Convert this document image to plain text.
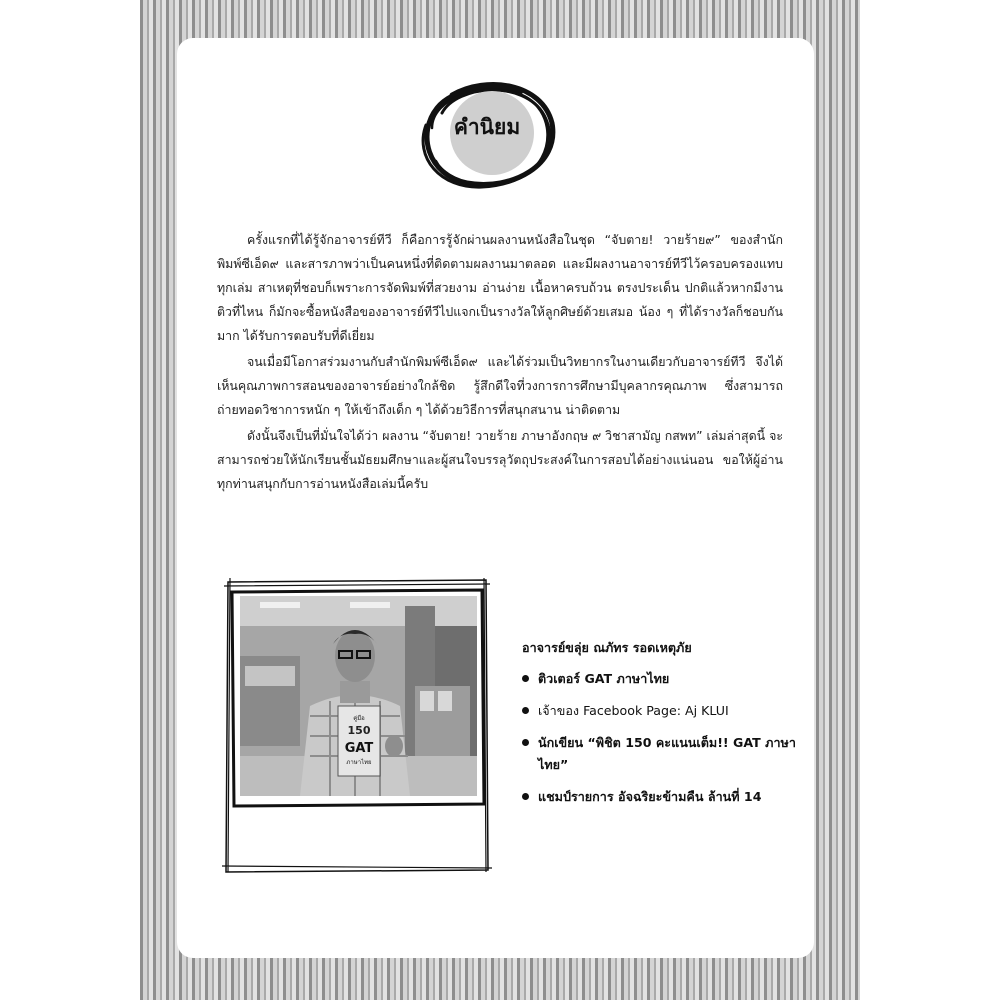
คำนิยม

ครั้งแรกที่ได้รู้จักอาจารย์ทีวี ก็คือการรู้จักผ่านผลงานหนังสือในชุด “จับตาย! วายร้าย๙” ของสำนักพิมพ์ซีเอ็ด๙ และสารภาพว่าเป็นคนหนึ่งที่ติดตามผลงานมาตลอด และมีผลงานอาจารย์ทีวีไว้ครอบครองแทบทุกเล่ม สาเหตุที่ชอบก็เพราะการจัดพิมพ์ที่สวยงาม อ่านง่าย เนื้อหาครบถ้วน ตรงประเด็น ปกติแล้วหากมีงานติวที่ไหน ก็มักจะซื้อหนังสือของอาจารย์ทีวีไปแจกเป็นรางวัลให้ลูกศิษย์ด้วยเสมอ น้อง ๆ ที่ได้รางวัลก็ชอบกันมาก ได้รับการตอบรับที่ดีเยี่ยม

จนเมื่อมีโอกาสร่วมงานกับสำนักพิมพ์ซีเอ็ด๙ และได้ร่วมเป็นวิทยากรในงานเดียวกับอาจารย์ทีวี จึงได้เห็นคุณภาพการสอนของอาจารย์อย่างใกล้ชิด รู้สึกดีใจที่วงการการศึกษามีบุคลากรคุณภาพ ซึ่งสามารถถ่ายทอดวิชาการหนัก ๆ ให้เข้าถึงเด็ก ๆ ได้ด้วยวิธีการที่สนุกสนาน น่าติดตาม

ดังนั้นจึงเป็นที่มั่นใจได้ว่า ผลงาน “จับตาย! วายร้าย ภาษาอังกฤษ ๙ วิชาสามัญ กสพท” เล่มล่าสุดนี้ จะสามารถช่วยให้นักเรียนชั้นมัธยมศึกษาและผู้สนใจบรรลุวัตถุประสงค์ในการสอบได้อย่างแน่นอน ขอให้ผู้อ่านทุกท่านสนุกกับการอ่านหนังสือเล่มนี้ครับ

คู่มือ
150
GAT
ภาษาไทย
อาจารย์ขลุ่ย ณภัทร รอดเหตุภัย
ติวเตอร์ GAT ภาษาไทย
เจ้าของ Facebook Page: Aj KLUI
นักเขียน “พิชิต 150 คะแนนเต็ม!! GAT ภาษาไทย”
แชมป์รายการ อัจฉริยะข้ามคืน ล้านที่ 14
